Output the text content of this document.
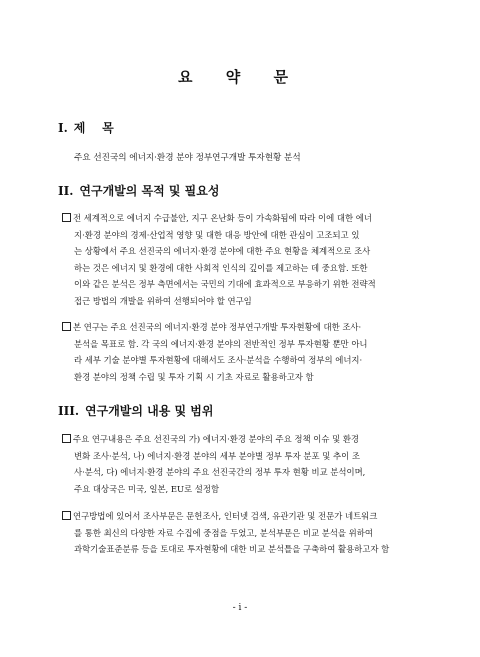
요 약 문
I. 제    목
주요 선진국의 에너지·환경 분야 정부연구개발 투자현황 분석
II. 연구개발의 목적 및 필요성
전 세계적으로 에너지 수급불안, 지구 온난화 등이 가속화됨에 따라 이에 대한 에너
지·환경 분야의 경제·산업적 영향 및 대한 대응 방안에 대한 관심이 고조되고 있
는 상황에서 주요 선진국의 에너지·환경 분야에 대한 주요 현황을 체계적으로 조사
하는 것은 에너지 및 환경에 대한 사회적 인식의 깊이를 제고하는 데 중요함. 또한
이와 같은 분석은 정부 측면에서는 국민의 기대에 효과적으로 부응하기 위한 전략적
접근 방법의 개발을 위하여 선행되어야 할 연구임
본 연구는 주요 선진국의 에너지·환경 분야 정부연구개발 투자현황에 대한 조사·
분석을 목표로 함. 각 국의 에너지·환경 분야의 전반적인 정부 투자현황 뿐만 아니
라 세부 기술 분야별 투자현황에 대해서도 조사·분석을 수행하여 정부의 에너지·
환경 분야의 정책 수립 및 투자 기획 시 기초 자료로 활용하고자 함
III. 연구개발의 내용 및 범위
주요 연구내용은 주요 선진국의 가) 에너지·환경 분야의 주요 정책 이슈 및 환경
변화 조사·분석, 나) 에너지·환경 분야의 세부 분야별 정부 투자 분포 및 추이 조
사·분석, 다) 에너지·환경 분야의 주요 선진국간의 정부 투자 현황 비교 분석이며,
주요 대상국은 미국, 일본, EU로 설정함
연구방법에 있어서 조사부문은 문헌조사, 인터넷 검색, 유관기관 및 전문가 네트워크
를 통한 최신의 다양한 자료 수집에 중점을 두었고, 분석부문은 비교 분석을 위하여
과학기술표준분류 등을 토대로 투자현황에 대한 비교 분석틀을 구축하여 활용하고자 함
- i -
